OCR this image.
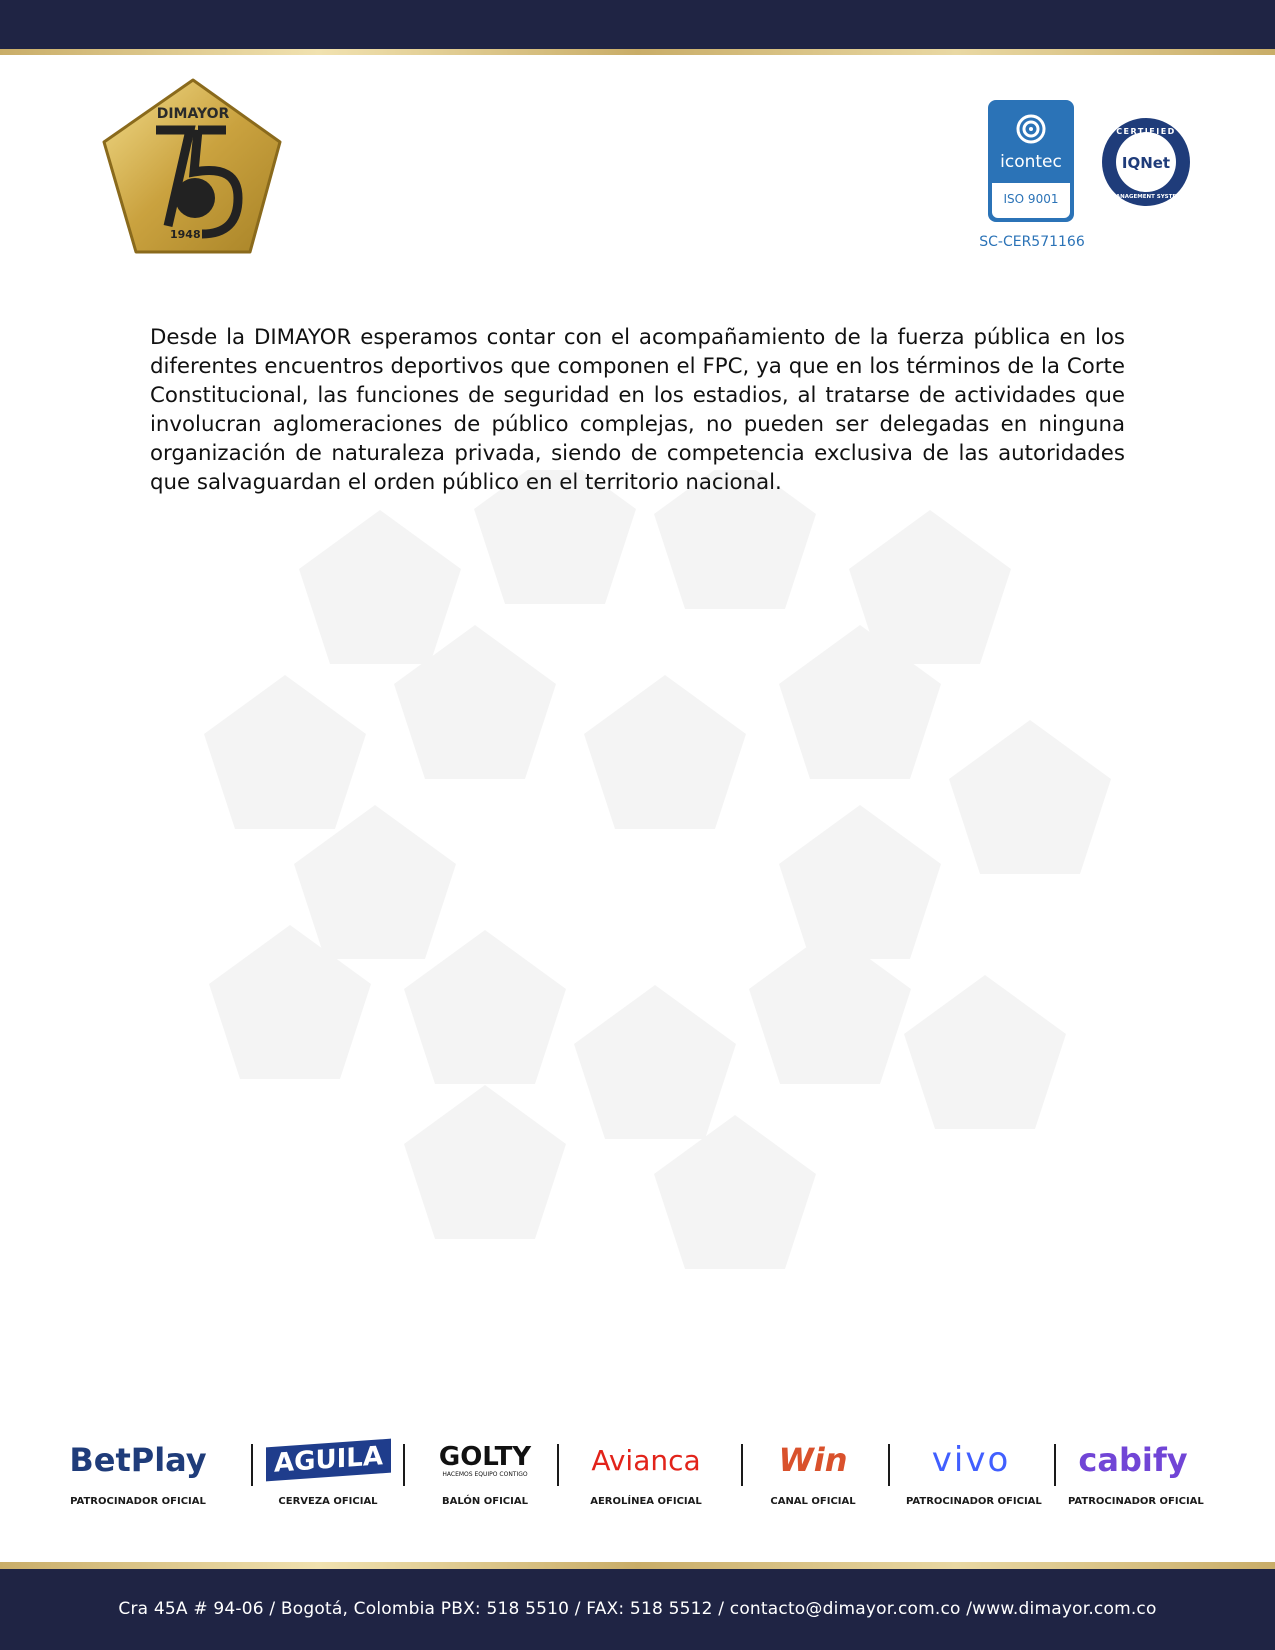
DIMAYOR
1948
icontec
ISO 9001
SC-CER571166
CERTIFIED
IQNet
MANAGEMENT SYSTEM

Desde la DIMAYOR esperamos contar con el acompañamiento de la fuerza pública en los diferentes encuentros deportivos que componen el FPC, ya que en los términos de la Corte Constitucional, las funciones de seguridad en los estadios, al tratarse de actividades que involucran aglomeraciones de público complejas, no pueden ser delegadas en ninguna organización de naturaleza privada, siendo de competencia exclusiva de las autoridades que salvaguardan el orden público en el territorio nacional.

BetPlay
PATROCINADOR OFICIAL
AGUILA
CERVEZA OFICIAL
GOLTY
HACEMOS EQUIPO CONTIGO
BALÓN OFICIAL
Avianca
AEROLÍNEA OFICIAL
Win
CANAL OFICIAL
vivo
PATROCINADOR OFICIAL
cabify
PATROCINADOR OFICIAL
Cra 45A # 94-06 / Bogotá, Colombia PBX: 518 5510 / FAX: 518 5512 / contacto@dimayor.com.co /www.dimayor.com.co
